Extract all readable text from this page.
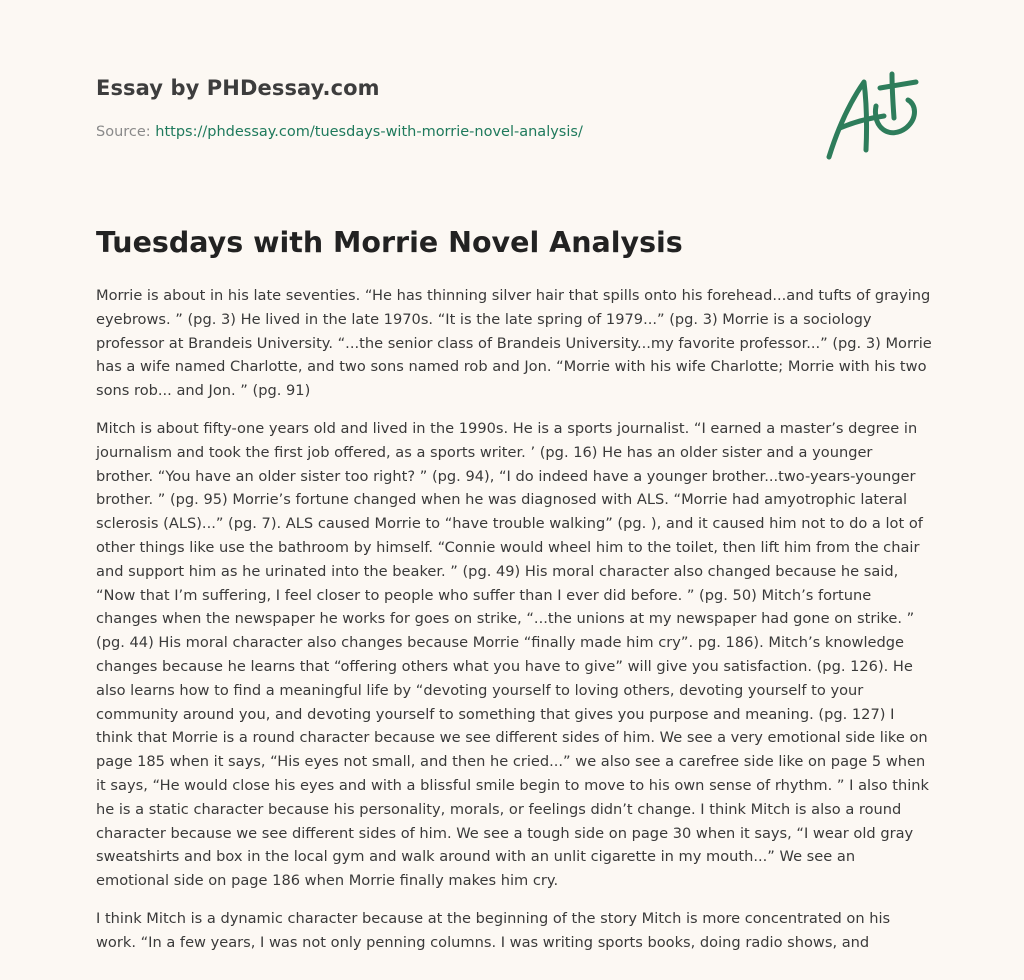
Essay by PHDessay.com
Source: https://phdessay.com/tuesdays-with-morrie-novel-analysis/
Tuesdays with Morrie Novel Analysis

Morrie is about in his late seventies. “He has thinning silver hair that spills onto his forehead...and tufts of graying eyebrows. ” (pg. 3) He lived in the late 1970s. “It is the late spring of 1979...” (pg. 3) Morrie is a sociology professor at Brandeis University. “...the senior class of Brandeis University...my favorite professor...” (pg. 3) Morrie has a wife named Charlotte, and two sons named rob and Jon. “Morrie with his wife Charlotte; Morrie with his two sons rob... and Jon. ” (pg. 91)

Mitch is about fifty-one years old and lived in the 1990s. He is a sports journalist. “I earned a master’s degree in journalism and took the first job offered, as a sports writer. ’ (pg. 16) He has an older sister and a younger brother. “You have an older sister too right? ” (pg. 94), “I do indeed have a younger brother...two-years-younger brother. ” (pg. 95) Morrie’s fortune changed when he was diagnosed with ALS. “Morrie had amyotrophic lateral sclerosis (ALS)...” (pg. 7). ALS caused Morrie to “have trouble walking” (pg. ), and it caused him not to do a lot of other things like use the bathroom by himself. “Connie would wheel him to the toilet, then lift him from the chair and support him as he urinated into the beaker. ” (pg. 49) His moral character also changed because he said, “Now that I’m suffering, I feel closer to people who suffer than I ever did before. ” (pg. 50) Mitch’s fortune changes when the newspaper he works for goes on strike, “...the unions at my newspaper had gone on strike. ” (pg. 44) His moral character also changes because Morrie “finally made him cry”. pg. 186). Mitch’s knowledge changes because he learns that “offering others what you have to give” will give you satisfaction. (pg. 126). He also learns how to find a meaningful life by “devoting yourself to loving others, devoting yourself to your community around you, and devoting yourself to something that gives you purpose and meaning. (pg. 127) I think that Morrie is a round character because we see different sides of him. We see a very emotional side like on page 185 when it says, “His eyes not small, and then he cried...” we also see a carefree side like on page 5 when it says, “He would close his eyes and with a blissful smile begin to move to his own sense of rhythm. ” I also think he is a static character because his personality, morals, or feelings didn’t change. I think Mitch is also a round character because we see different sides of him. We see a tough side on page 30 when it says, “I wear old gray sweatshirts and box in the local gym and walk around with an unlit cigarette in my mouth...” We see an emotional side on page 186 when Morrie finally makes him cry.

I think Mitch is a dynamic character because at the beginning of the story Mitch is more concentrated on his work. “In a few years, I was not only penning columns. I was writing sports books, doing radio shows, and
